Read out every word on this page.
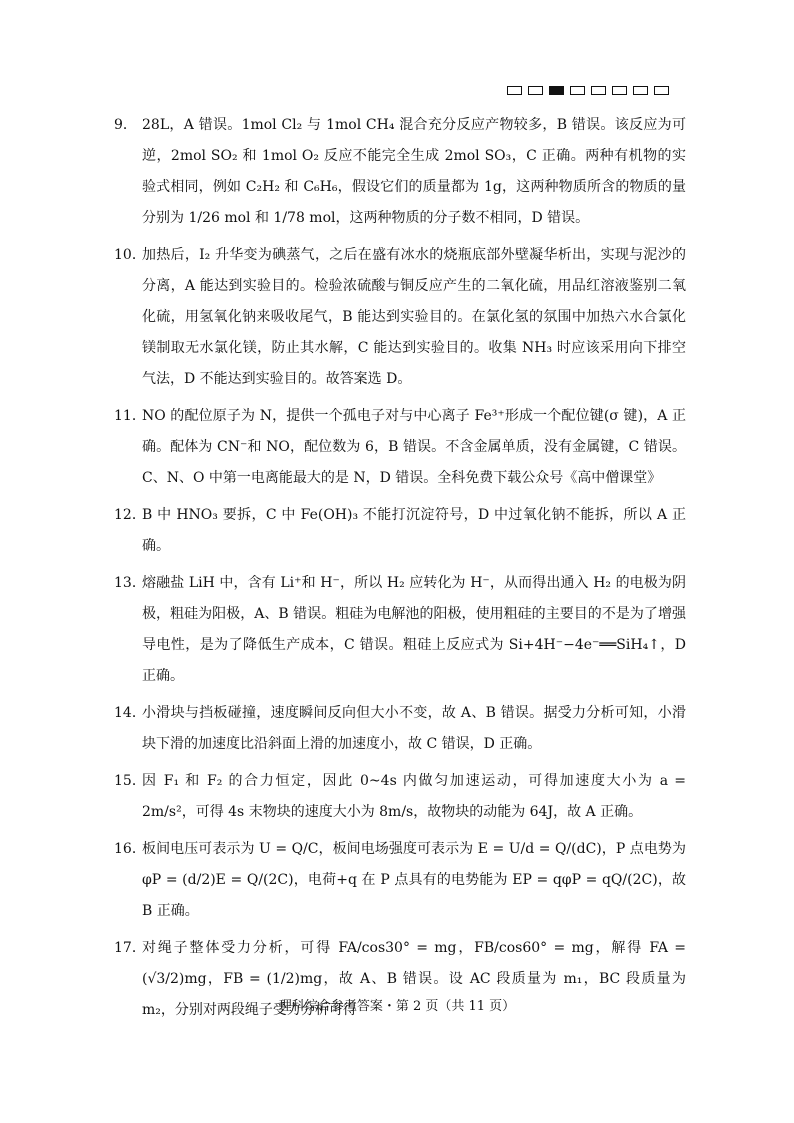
9． 28L，A 错误。1mol Cl₂ 与 1mol CH₄ 混合充分反应产物较多，B 错误。该反应为可逆，2mol SO₂ 和 1mol O₂ 反应不能完全生成 2mol SO₃，C 正确。两种有机物的实验式相同，例如 C₂H₂ 和 C₆H₆，假设它们的质量都为 1g，这两种物质所含的物质的量分别为 1/26 mol 和 1/78 mol，这两种物质的分子数不相同，D 错误。
10．
加热后，I₂ 升华变为碘蒸气，之后在盛有冰水的烧瓶底部外壁凝华析出，实现与泥沙的分离，A 能达到实验目的。检验浓硫酸与铜反应产生的二氧化硫，用品红溶液鉴别二氧化硫，用氢氧化钠来吸收尾气，B 能达到实验目的。在氯化氢的氛围中加热六水合氯化镁制取无水氯化镁，防止其水解，C 能达到实验目的。收集 NH₃ 时应该采用向下排空气法，D 不能达到实验目的。故答案选 D。
11．
NO 的配位原子为 N，提供一个孤电子对与中心离子 Fe³⁺形成一个配位键(σ 键)，A 正确。配体为 CN⁻和 NO，配位数为 6，B 错误。不含金属单质，没有金属键，C 错误。C、N、O 中第一电离能最大的是 N，D 错误。全科免费下载公众号《高中僧课堂》
12．
B 中 HNO₃ 要拆，C 中 Fe(OH)₃ 不能打沉淀符号，D 中过氧化钠不能拆，所以 A 正确。
13．
熔融盐 LiH 中，含有 Li⁺和 H⁻，所以 H₂ 应转化为 H⁻，从而得出通入 H₂ 的电极为阴极，粗硅为阳极，A、B 错误。粗硅为电解池的阳极，使用粗硅的主要目的不是为了增强导电性，是为了降低生产成本，C 错误。粗硅上反应式为 Si+4H⁻−4e⁻══SiH₄↑，D 正确。
14．
小滑块与挡板碰撞，速度瞬间反向但大小不变，故 A、B 错误。据受力分析可知，小滑块下滑的加速度比沿斜面上滑的加速度小，故 C 错误，D 正确。
15．
因 F₁ 和 F₂ 的合力恒定，因此 0~4s 内做匀加速运动，可得加速度大小为 a = 2m/s²，可得 4s 末物块的速度大小为 8m/s，故物块的动能为 64J，故 A 正确。
16．
板间电压可表示为 U = Q/C，板间电场强度可表示为 E = U/d = Q/(dC)，P 点电势为 φP = (d/2)E = Q/(2C)，电荷+q 在 P 点具有的电势能为 EP = qφP = qQ/(2C)，故 B 正确。
17．
对绳子整体受力分析，可得 FA/cos30° = mg，FB/cos60° = mg，解得 FA = (√3/2)mg，FB = (1/2)mg，故 A、B 错误。设 AC 段质量为 m₁，BC 段质量为 m₂，分别对两段绳子受力分析可得
理科综合参考答案・第 2 页（共 11 页）
